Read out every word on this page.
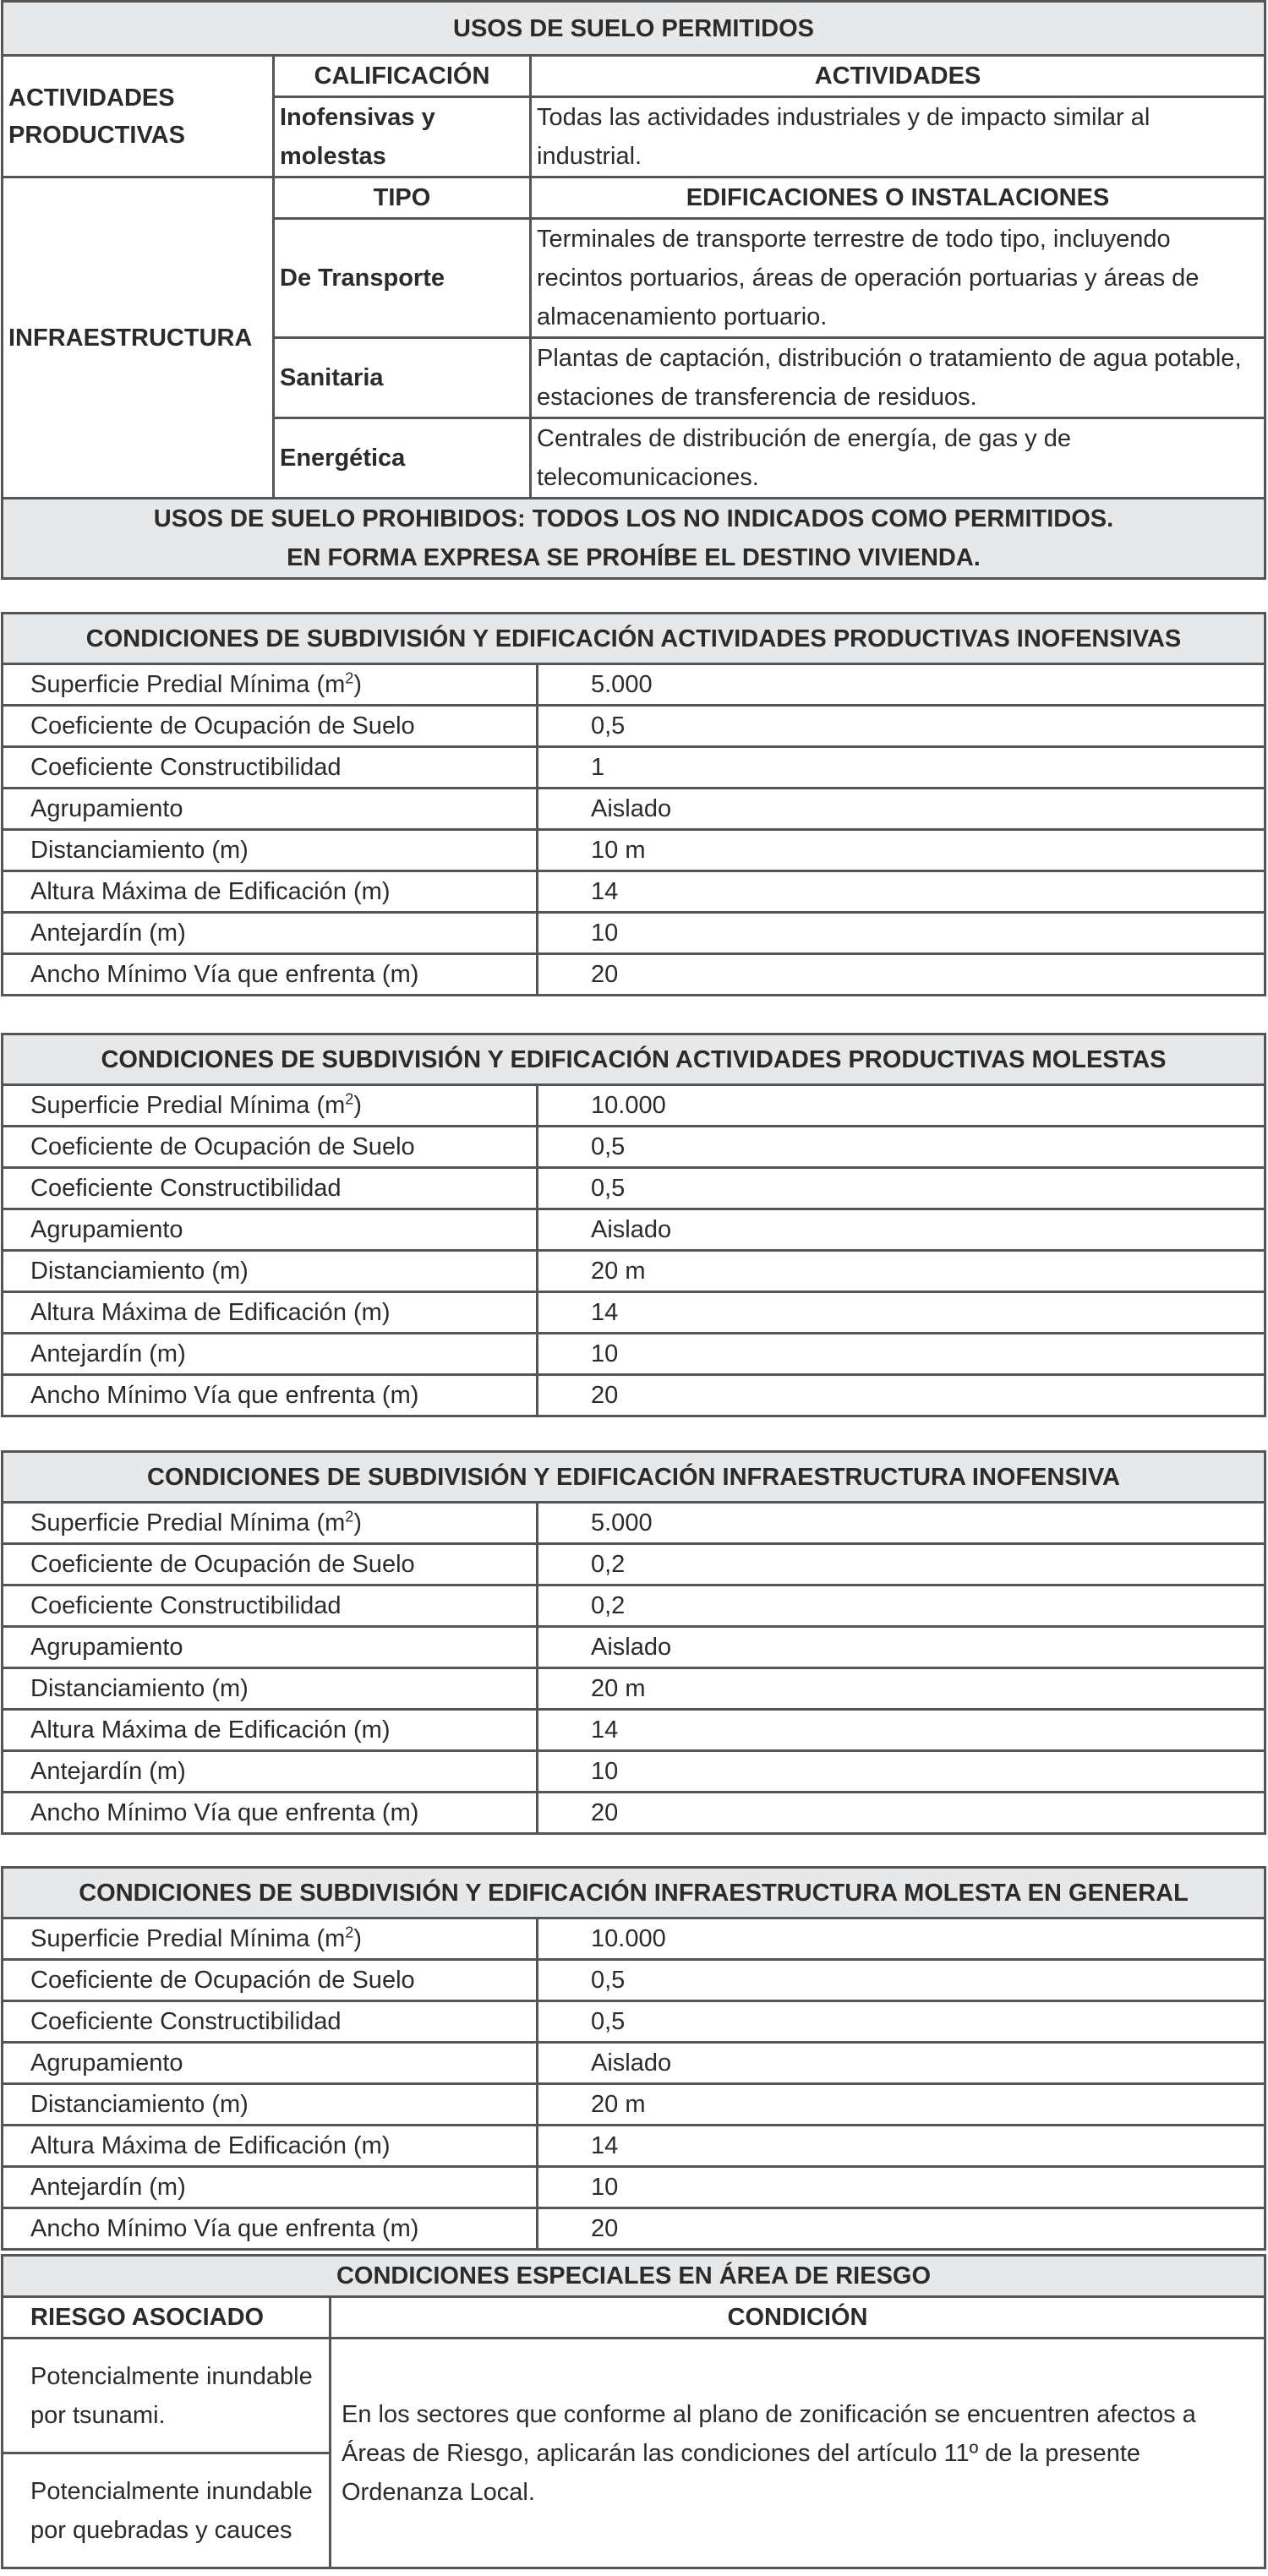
USOS DE SUELO PERMITIDOS		
ACTIVIDADES PRODUCTIVAS	CALIFICACIÓN	ACTIVIDADES
	Inofensivas y molestas	Todas las actividades industriales y de impacto similar al industrial.
INFRAESTRUCTURA	TIPO	EDIFICACIONES O INSTALACIONES
	De Transporte	Terminales de transporte terrestre de todo tipo, incluyendo recintos portuarios, áreas de operación portuarias y áreas de almacenamiento portuario.
	Sanitaria	Plantas de captación, distribución o tratamiento de agua potable, estaciones de transferencia de residuos.
	Energética	Centrales de distribución de energía, de gas y de telecomunicaciones.

USOS DE SUELO PROHIBIDOS: TODOS LOS NO INDICADOS COMO PERMITIDOS.
EN FORMA EXPRESA SE PROHÍBE EL DESTINO VIVIENDA.		
CONDICIONES DE SUBDIVISIÓN Y EDIFICACIÓN ACTIVIDADES PRODUCTIVAS INOFENSIVAS	
Superficie Predial Mínima $(m^2)$	5.000
Coeficiente de Ocupación de Suelo	0,5
Coeficiente Constructibilidad	1
Agrupamiento	Aislado
Distanciamiento (m)	10 m
Altura Máxima de Edificación (m)	14
Antejardín (m)	10
Ancho Mínimo Vía que enfrenta (m)	20
CONDICIONES DE SUBDIVISIÓN Y EDIFICACIÓN ACTIVIDADES PRODUCTIVAS MOLESTAS	
Superficie Predial Mínima $(m^2)$	10.000
Coeficiente de Ocupación de Suelo	0,5
Coeficiente Constructibilidad	0,5
Agrupamiento	Aislado
Distanciamiento (m)	20 m
Altura Máxima de Edificación (m)	14
Antejardín (m)	10
Ancho Mínimo Vía que enfrenta (m)	20
CONDICIONES DE SUBDIVISIÓN Y EDIFICACIÓN INFRAESTRUCTURA INOFENSIVA	
Superficie Predial Mínima $(m^2)$	5.000
Coeficiente de Ocupación de Suelo	0,2
Coeficiente Constructibilidad	0,2
Agrupamiento	Aislado
Distanciamiento (m)	20 m
Altura Máxima de Edificación (m)	14
Antejardín (m)	10
Ancho Mínimo Vía que enfrenta (m)	20
CONDICIONES DE SUBDIVISIÓN Y EDIFICACIÓN INFRAESTRUCTURA MOLESTA EN GENERAL	
Superficie Predial Mínima $(m^2)$	10.000
Coeficiente de Ocupación de Suelo	0,5
Coeficiente Constructibilidad	0,5
Agrupamiento	Aislado
Distanciamiento (m)	20 m
Altura Máxima de Edificación (m)	14
Antejardín (m)	10
Ancho Mínimo Vía que enfrenta (m)	20
CONDICIONES ESPECIALES EN ÁREA DE RIESGO	
RIESGO ASOCIADO	CONDICIÓN
Potencialmente inundable por tsunami.	En los sectores que conforme al plano de zonificación se encuentren afectos a Áreas de Riesgo, aplicarán las condiciones del artículo 11º de la presente Ordenanza Local.
Potencialmente inundable por quebradas y cauces	
